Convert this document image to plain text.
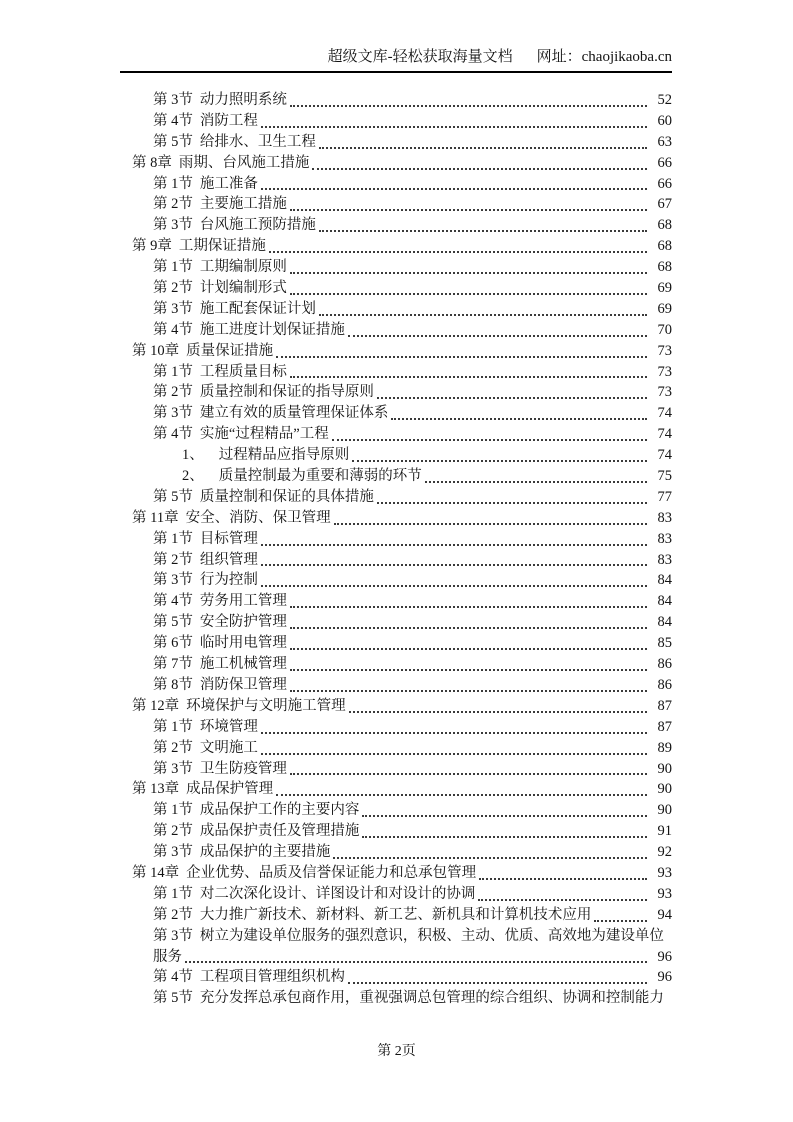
超级文库-轻松获取海量文档 网址：chaojikaoba.cn
第 3节 动力照明系统	52
第 4节 消防工程	60
第 5节 给排水、卫生工程	63
第 8章 雨期、台风施工措施	66
第 1节 施工准备	66
第 2节 主要施工措施	67
第 3节 台风施工预防措施	68
第 9章 工期保证措施	68
第 1节 工期编制原则	68
第 2节 计划编制形式	69
第 3节 施工配套保证计划	69
第 4节 施工进度计划保证措施	70
第 10章 质量保证措施	73
第 1节 工程质量目标	73
第 2节 质量控制和保证的指导原则	73
第 3节 建立有效的质量管理保证体系	74
第 4节 实施“过程精品”工程	74
1、 过程精品应指导原则	74
2、 质量控制最为重要和薄弱的环节	75
第 5节 质量控制和保证的具体措施	77
第 11章 安全、消防、保卫管理	83
第 1节 目标管理	83
第 2节 组织管理	83
第 3节 行为控制	84
第 4节 劳务用工管理	84
第 5节 安全防护管理	84
第 6节 临时用电管理	85
第 7节 施工机械管理	86
第 8节 消防保卫管理	86
第 12章 环境保护与文明施工管理	87
第 1节 环境管理	87
第 2节 文明施工	89
第 3节 卫生防疫管理	90
第 13章 成品保护管理	90
第 1节 成品保护工作的主要内容	90
第 2节 成品保护责任及管理措施	91
第 3节 成品保护的主要措施	92
第 14章 企业优势、品质及信誉保证能力和总承包管理	93
第 1节 对二次深化设计、详图设计和对设计的协调	93
第 2节 大力推广新技术、新材料、新工艺、新机具和计算机技术应用	94
第 3节 树立为建设单位服务的强烈意识，积极、主动、优质、高效地为建设单位
服务	96
第 4节 工程项目管理组织机构	96
第 5节 充分发挥总承包商作用，重视强调总包管理的综合组织、协调和控制能力
第 2页
